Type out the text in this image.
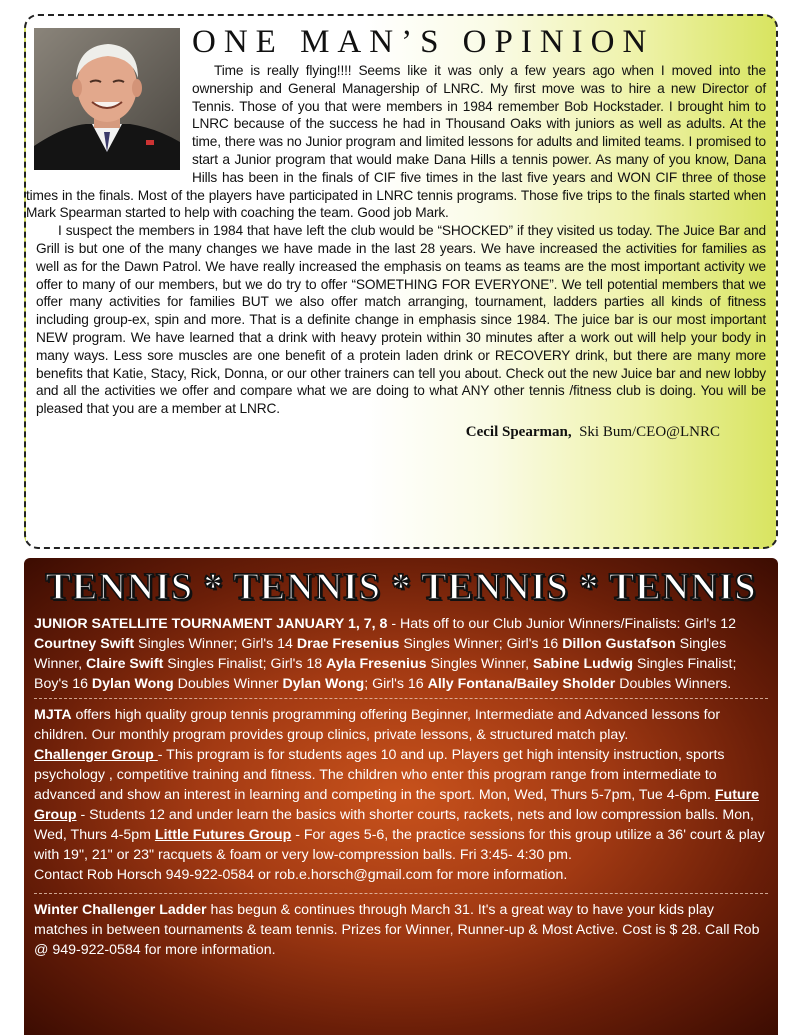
ONE MAN’S OPINION

Time is really flying!!!! Seems like it was only a few years ago when I moved into the ownership and General Managership of LNRC. My first move was to hire a new Director of Tennis. Those of you that were members in 1984 remember Bob Hockstader. I brought him to LNRC because of the success he had in Thousand Oaks with juniors as well as adults. At the time, there was no Junior program and limited lessons for adults and limited teams. I promised to start a Junior program that would make Dana Hills a tennis power. As many of you know, Dana Hills has been in the finals of CIF five times in the last five years and WON CIF three of those times in the finals. Most of the players have participated in LNRC tennis programs. Those five trips to the finals started when Mark Spearman started to help with coaching the team. Good job Mark.

I suspect the members in 1984 that have left the club would be “SHOCKED” if they visited us today. The Juice Bar and Grill is but one of the many changes we have made in the last 28 years. We have increased the activities for families as well as for the Dawn Patrol. We have really increased the emphasis on teams as teams are the most important activity we offer to many of our members, but we do try to offer “SOMETHING FOR EVERYONE”. We tell potential members that we offer many activities for families BUT we also offer match arranging, tournament, ladders parties all kinds of fitness including group-ex, spin and more. That is a definite change in emphasis since 1984. The juice bar is our most important NEW program. We have learned that a drink with heavy protein within 30 minutes after a work out will help your body in many ways. Less sore muscles are one benefit of a protein laden drink or RECOVERY drink, but there are many more benefits that Katie, Stacy, Rick, Donna, or our other trainers can tell you about. Check out the new Juice bar and new lobby and all the activities we offer and compare what we are doing to what ANY other tennis /fitness club is doing. You will be pleased that you are a member at LNRC.

Cecil Spearman, Ski Bum/CEO@LNRC
TENNIS * TENNIS * TENNIS * TENNIS
JUNIOR SATELLITE TOURNAMENT JANUARY 1, 7, 8 - Hats off to our Club Junior Winners/Finalists: Girl's 12 Courtney Swift Singles Winner; Girl's 14 Drae Fresenius Singles Winner; Girl's 16 Dillon Gustafson Singles Winner, Claire Swift Singles Finalist; Girl's 18 Ayla Fresenius Singles Winner, Sabine Ludwig Singles Finalist; Boy's 16 Dylan Wong Doubles Winner Dylan Wong; Girl's 16 Ally Fontana/Bailey Sholder Doubles Winners.
MJTA offers high quality group tennis programming offering Beginner, Intermediate and Advanced lessons for children. Our monthly program provides group clinics, private lessons, & structured match play.
Challenger Group - This program is for students ages 10 and up. Players get high intensity instruction, sports psychology , competitive training and fitness. The children who enter this program range from intermediate to advanced and show an interest in learning and competing in the sport. Mon, Wed, Thurs 5-7pm, Tue 4-6pm. Future Group - Students 12 and under learn the basics with shorter courts, rackets, nets and low compression balls. Mon, Wed, Thurs 4-5pm Little Futures Group - For ages 5-6, the practice sessions for this group utilize a 36' court & play with 19", 21" or 23" racquets & foam or very low-compression balls. Fri 3:45- 4:30 pm.
Contact Rob Horsch 949-922-0584 or rob.e.horsch@gmail.com for more information.
Winter Challenger Ladder has begun & continues through March 31. It's a great way to have your kids play matches in between tournaments & team tennis. Prizes for Winner, Runner-up & Most Active. Cost is $ 28. Call Rob @ 949-922-0584 for more information.
